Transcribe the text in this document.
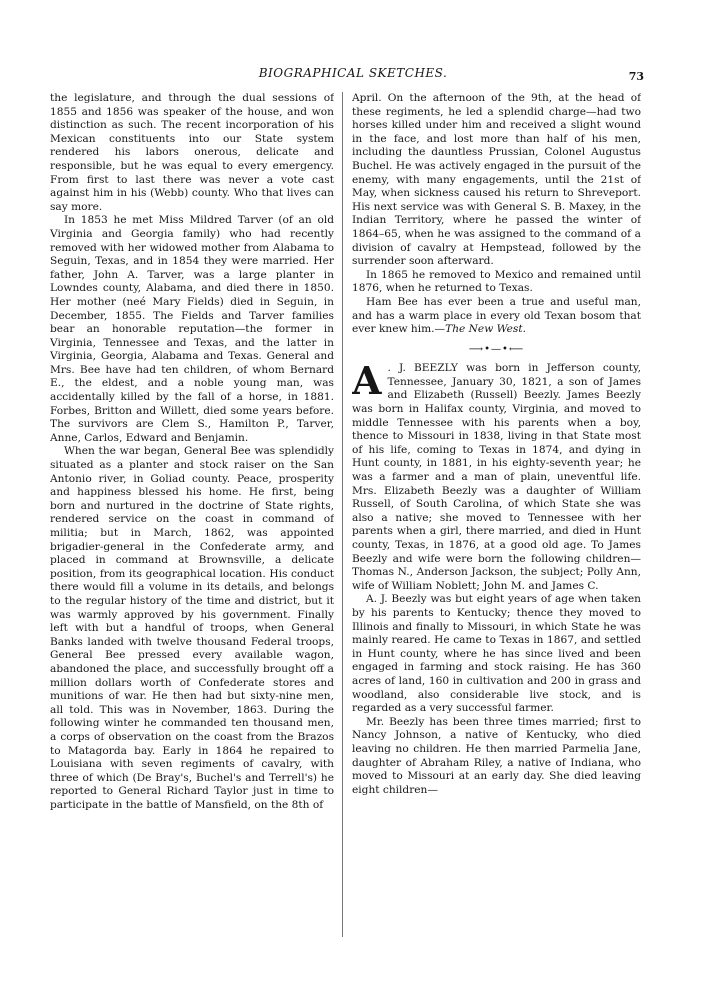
BIOGRAPHICAL SKETCHES.	73

the legislature, and through the dual sessions of 1855 and 1856 was speaker of the house, and won distinction as such. The recent incorporation of his Mexican constituents into our State system rendered his labors onerous, delicate and responsible, but he was equal to every emergency. From first to last there was never a vote cast against him in his (Webb) county. Who that lives can say more.

In 1853 he met Miss Mildred Tarver (of an old Virginia and Georgia family) who had recently removed with her widowed mother from Alabama to Seguin, Texas, and in 1854 they were married. Her father, John A. Tarver, was a large planter in Lowndes county, Alabama, and died there in 1850. Her mother (neé Mary Fields) died in Seguin, in December, 1855. The Fields and Tarver families bear an honorable reputation—the former in Virginia, Tennessee and Texas, and the latter in Virginia, Georgia, Alabama and Texas. General and Mrs. Bee have had ten children, of whom Bernard E., the eldest, and a noble young man, was accidentally killed by the fall of a horse, in 1881. Forbes, Britton and Willett, died some years before. The survivors are Clem S., Hamilton P., Tarver, Anne, Carlos, Edward and Benjamin.

When the war began, General Bee was splendidly situated as a planter and stock raiser on the San Antonio river, in Goliad county. Peace, prosperity and happiness blessed his home. He first, being born and nurtured in the doctrine of State rights, rendered service on the coast in command of militia; but in March, 1862, was appointed brigadier-general in the Confederate army, and placed in command at Brownsville, a delicate position, from its geographical location. His conduct there would fill a volume in its details, and belongs to the regular history of the time and district, but it was warmly approved by his government. Finally left with but a handful of troops, when General Banks landed with twelve thousand Federal troops, General Bee pressed every available wagon, abandoned the place, and successfully brought off a million dollars worth of Confederate stores and munitions of war. He then had but sixty-nine men, all told. This was in November, 1863. During the following winter he commanded ten thousand men, a corps of observation on the coast from the Brazos to Matagorda bay. Early in 1864 he repaired to Louisiana with seven regiments of cavalry, with three of which (De Bray's, Buchel's and Terrell's) he reported to General Richard Taylor just in time to participate in the battle of Mansfield, on the 8th of

April. On the afternoon of the 9th, at the head of these regiments, he led a splendid charge—had two horses killed under him and received a slight wound in the face, and lost more than half of his men, including the dauntless Prussian, Colonel Augustus Buchel. He was actively engaged in the pursuit of the enemy, with many engagements, until the 21st of May, when sickness caused his return to Shreveport. His next service was with General S. B. Maxey, in the Indian Territory, where he passed the winter of 1864–65, when he was assigned to the command of a division of cavalry at Hempstead, followed by the surrender soon afterward.

In 1865 he removed to Mexico and remained until 1876, when he returned to Texas.

Ham Bee has ever been a true and useful man, and has a warm place in every old Texan bosom that ever knew him.—The New West.

⟶•—•⟵
A . J. BEEZLY was born in Jefferson county, Tennessee, January 30, 1821, a son of James and Elizabeth (Russell) Beezly. James Beezly was born in Halifax county, Virginia, and moved to middle Tennessee with his parents when a boy, thence to Missouri in 1838, living in that State most of his life, coming to Texas in 1874, and dying in Hunt county, in 1881, in his eighty-seventh year; he was a farmer and a man of plain, uneventful life. Mrs. Elizabeth Beezly was a daughter of William Russell, of South Carolina, of which State she was also a native; she moved to Tennessee with her parents when a girl, there married, and died in Hunt county, Texas, in 1876, at a good old age. To James Beezly and wife were born the following children—Thomas N., Anderson Jackson, the subject; Polly Ann, wife of William Noblett; John M. and James C.

A. J. Beezly was but eight years of age when taken by his parents to Kentucky; thence they moved to Illinois and finally to Missouri, in which State he was mainly reared. He came to Texas in 1867, and settled in Hunt county, where he has since lived and been engaged in farming and stock raising. He has 360 acres of land, 160 in cultivation and 200 in grass and woodland, also considerable live stock, and is regarded as a very successful farmer.

Mr. Beezly has been three times married; first to Nancy Johnson, a native of Kentucky, who died leaving no children. He then married Parmelia Jane, daughter of Abraham Riley, a native of Indiana, who moved to Missouri at an early day. She died leaving eight children—
